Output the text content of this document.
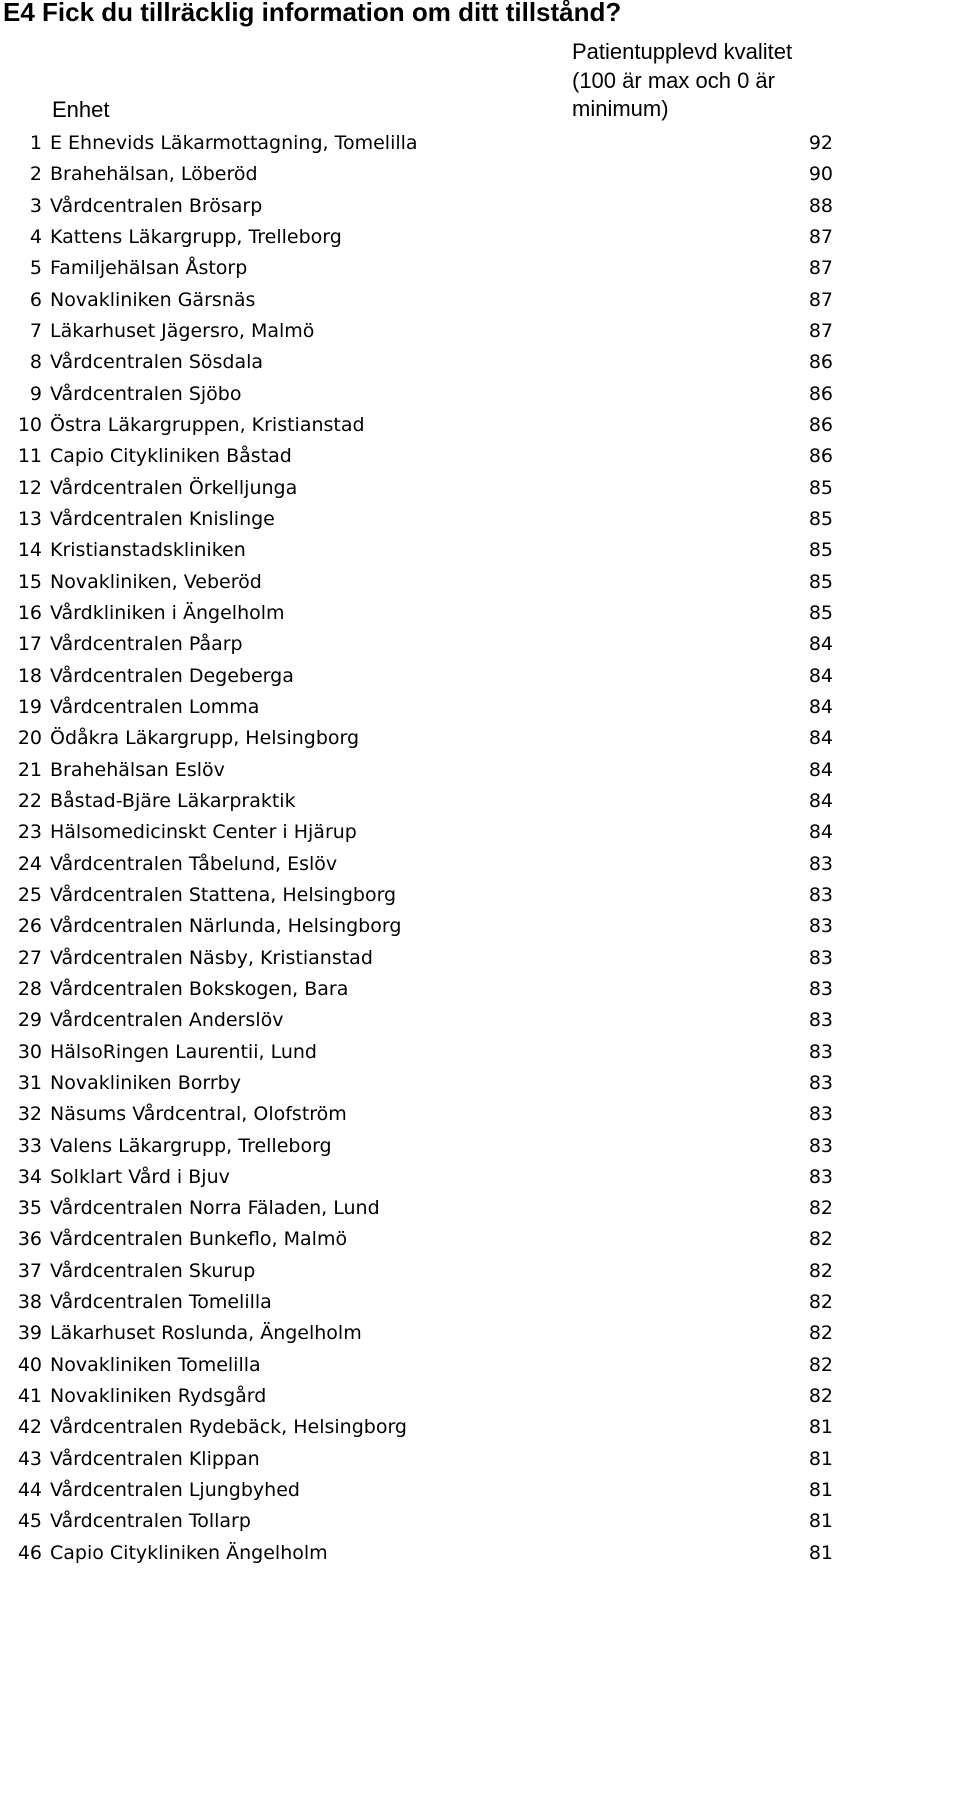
E4 Fick du tillräcklig information om ditt tillstånd?
Patientupplevd kvalitet (100 är max och 0 är minimum)
Enhet
1 E Ehnevids Läkarmottagning, Tomelilla	92
2 Brahehälsan, Löberöd	90
3 Vårdcentralen Brösarp	88
4 Kattens Läkargrupp, Trelleborg	87
5 Familjehälsan Åstorp	87
6 Novakliniken Gärsnäs	87
7 Läkarhuset Jägersro, Malmö	87
8 Vårdcentralen Sösdala	86
9 Vårdcentralen Sjöbo	86
10 Östra Läkargruppen, Kristianstad	86
11 Capio Citykliniken Båstad	86
12 Vårdcentralen Örkelljunga	85
13 Vårdcentralen Knislinge	85
14 Kristianstadskliniken	85
15 Novakliniken, Veberöd	85
16 Vårdkliniken i Ängelholm	85
17 Vårdcentralen Påarp	84
18 Vårdcentralen Degeberga	84
19 Vårdcentralen Lomma	84
20 Ödåkra Läkargrupp, Helsingborg	84
21 Brahehälsan Eslöv	84
22 Båstad-Bjäre Läkarpraktik	84
23 Hälsomedicinskt Center i Hjärup	84
24 Vårdcentralen Tåbelund, Eslöv	83
25 Vårdcentralen Stattena, Helsingborg	83
26 Vårdcentralen Närlunda, Helsingborg	83
27 Vårdcentralen Näsby, Kristianstad	83
28 Vårdcentralen Bokskogen, Bara	83
29 Vårdcentralen Anderslöv	83
30 HälsoRingen Laurentii, Lund	83
31 Novakliniken Borrby	83
32 Näsums Vårdcentral, Olofström	83
33 Valens Läkargrupp, Trelleborg	83
34 Solklart Vård i Bjuv	83
35 Vårdcentralen Norra Fäladen, Lund	82
36 Vårdcentralen Bunkeflo, Malmö	82
37 Vårdcentralen Skurup	82
38 Vårdcentralen Tomelilla	82
39 Läkarhuset Roslunda, Ängelholm	82
40 Novakliniken Tomelilla	82
41 Novakliniken Rydsgård	82
42 Vårdcentralen Rydebäck, Helsingborg	81
43 Vårdcentralen Klippan	81
44 Vårdcentralen Ljungbyhed	81
45 Vårdcentralen Tollarp	81
46 Capio Citykliniken Ängelholm	81
